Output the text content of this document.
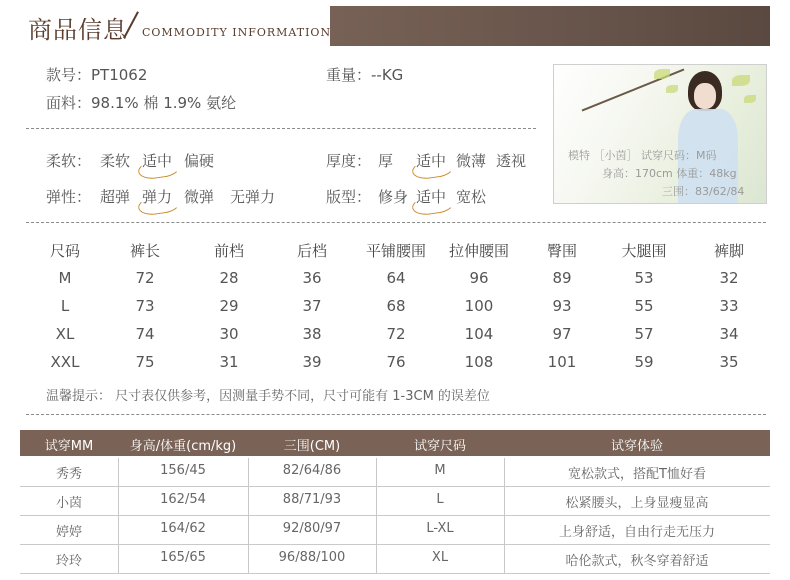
商品信息 COMMODITY INFORMATION
款号：PT1062	重量：--KG
面料：98.1% 棉 1.9% 氨纶
柔软： 柔软 适中 偏硬
弹性： 超弹 弹力 微弹 无弹力
厚度： 厚 适中 微薄 透视
版型： 修身 适中 宽松
模特 ［小茵］ 试穿尺码：M码
身高：170cm 体重：48kg
三围：83/62/84
尺码	裤长	前档	后档	平铺腰围	拉伸腰围	臀围	大腿围	裤脚
M	72	28	36	64	96	89	53	32
L	73	29	37	68	100	93	55	33
XL	74	30	38	72	104	97	57	34
XXL	75	31	39	76	108	101	59	35
温馨提示： 尺寸表仅供参考，因测量手势不同，尺寸可能有 1-3CM 的误差位
试穿MM	身高/体重(cm/kg)	三围(CM)	试穿尺码	试穿体验
秀秀	156/45	82/64/86	M	宽松款式，搭配T恤好看
小茵	162/54	88/71/93	L	松紧腰头，上身显瘦显高
婷婷	164/62	92/80/97	L-XL	上身舒适，自由行走无压力
玲玲	165/65	96/88/100	XL	哈伦款式，秋冬穿着舒适
